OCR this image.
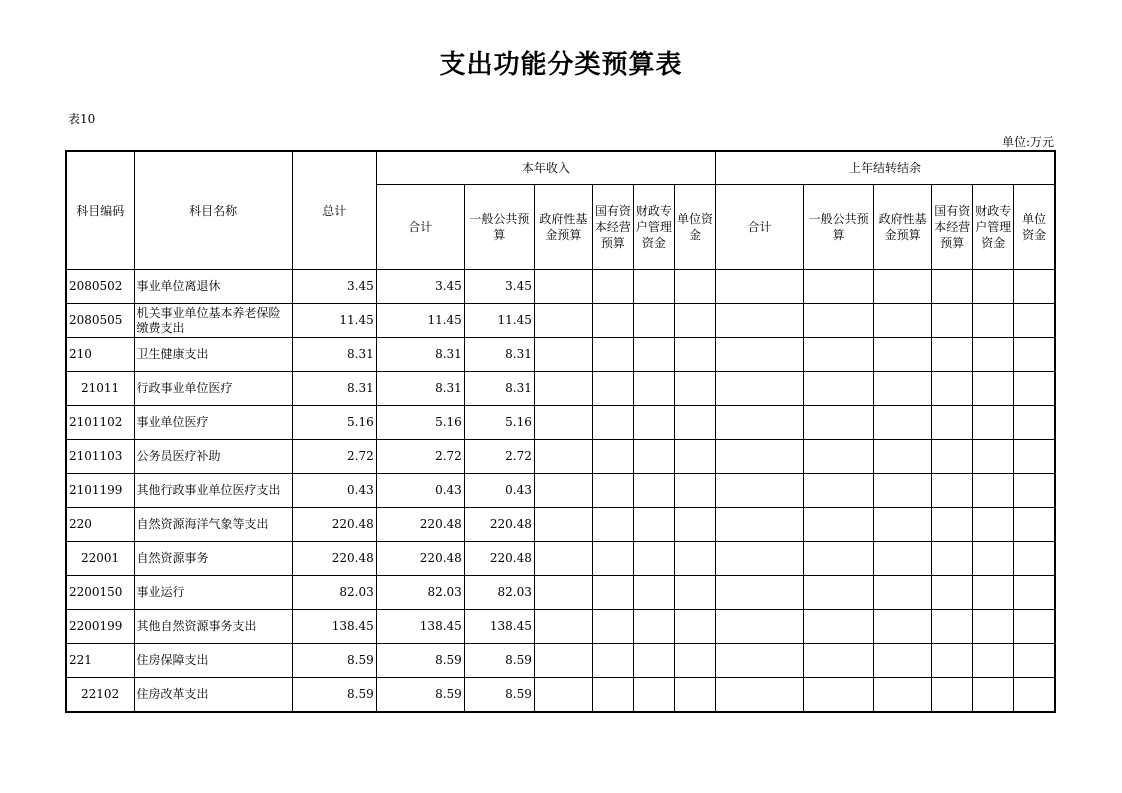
支出功能分类预算表
表10
单位:万元
科目编码	科目名称	总计	本年收入						上年结转结余					
			合计	一般公共预算	政府性基金预算	国有资本经营预算	财政专户管理资金	单位资金	合计	一般公共预算	政府性基金预算	国有资本经营预算	财政专户管理资金	单位资金
2080502	事业单位离退休	3.45	3.45	3.45										
2080505	机关事业单位基本养老保险缴费支出	11.45	11.45	11.45										
210	卫生健康支出	8.31	8.31	8.31										
21011	行政事业单位医疗	8.31	8.31	8.31										
2101102	事业单位医疗	5.16	5.16	5.16										
2101103	公务员医疗补助	2.72	2.72	2.72										
2101199	其他行政事业单位医疗支出	0.43	0.43	0.43										
220	自然资源海洋气象等支出	220.48	220.48	220.48										
22001	自然资源事务	220.48	220.48	220.48										
2200150	事业运行	82.03	82.03	82.03										
2200199	其他自然资源事务支出	138.45	138.45	138.45										
221	住房保障支出	8.59	8.59	8.59										
22102	住房改革支出	8.59	8.59	8.59										
